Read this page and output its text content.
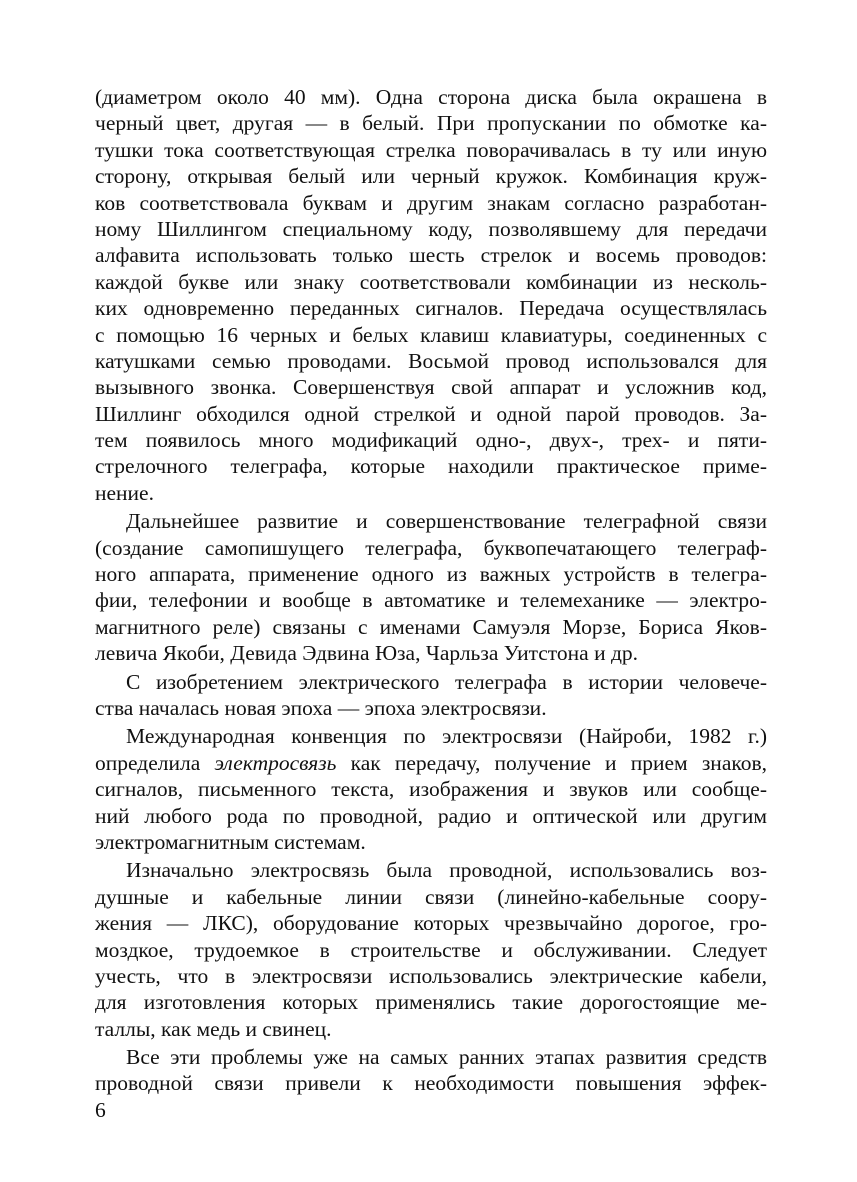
(диаметром около 40 мм). Одна сторона диска была окрашена в
черный цвет, другая — в белый. При пропускании по обмотке ка-
тушки тока соответствующая стрелка поворачивалась в ту или иную
сторону, открывая белый или черный кружок. Комбинация круж-
ков соответствовала буквам и другим знакам согласно разработан-
ному Шиллингом специальному коду, позволявшему для передачи
алфавита использовать только шесть стрелок и восемь проводов:
каждой букве или знаку соответствовали комбинации из несколь-
ких одновременно переданных сигналов. Передача осуществлялась
с помощью 16 черных и белых клавиш клавиатуры, соединенных с
катушками семью проводами. Восьмой провод использовался для
вызывного звонка. Совершенствуя свой аппарат и усложнив код,
Шиллинг обходился одной стрелкой и одной парой проводов. За-
тем появилось много модификаций одно-, двух-, трех- и пяти-
стрелочного телеграфа, которые находили практическое приме-
нение.
Дальнейшее развитие и совершенствование телеграфной связи
(создание самопишущего телеграфа, буквопечатающего телеграф-
ного аппарата, применение одного из важных устройств в телегра-
фии, телефонии и вообще в автоматике и телемеханике — электро-
магнитного реле) связаны с именами Самуэля Морзе, Бориса Яков-
левича Якоби, Девида Эдвина Юза, Чарльза Уитстона и др.
С изобретением электрического телеграфа в истории человече-
ства началась новая эпоха — эпоха электросвязи.
Международная конвенция по электросвязи (Найроби, 1982 г.)
определила электросвязь как передачу, получение и прием знаков,
сигналов, письменного текста, изображения и звуков или сообще-
ний любого рода по проводной, радио и оптической или другим
электромагнитным системам.
Изначально электросвязь была проводной, использовались воз-
душные и кабельные линии связи (линейно-кабельные соору-
жения — ЛКС), оборудование которых чрезвычайно дорогое, гро-
моздкое, трудоемкое в строительстве и обслуживании. Следует
учесть, что в электросвязи использовались электрические кабели,
для изготовления которых применялись такие дорогостоящие ме-
таллы, как медь и свинец.
Все эти проблемы уже на самых ранних этапах развития средств
проводной связи привели к необходимости повышения эффек-
6
